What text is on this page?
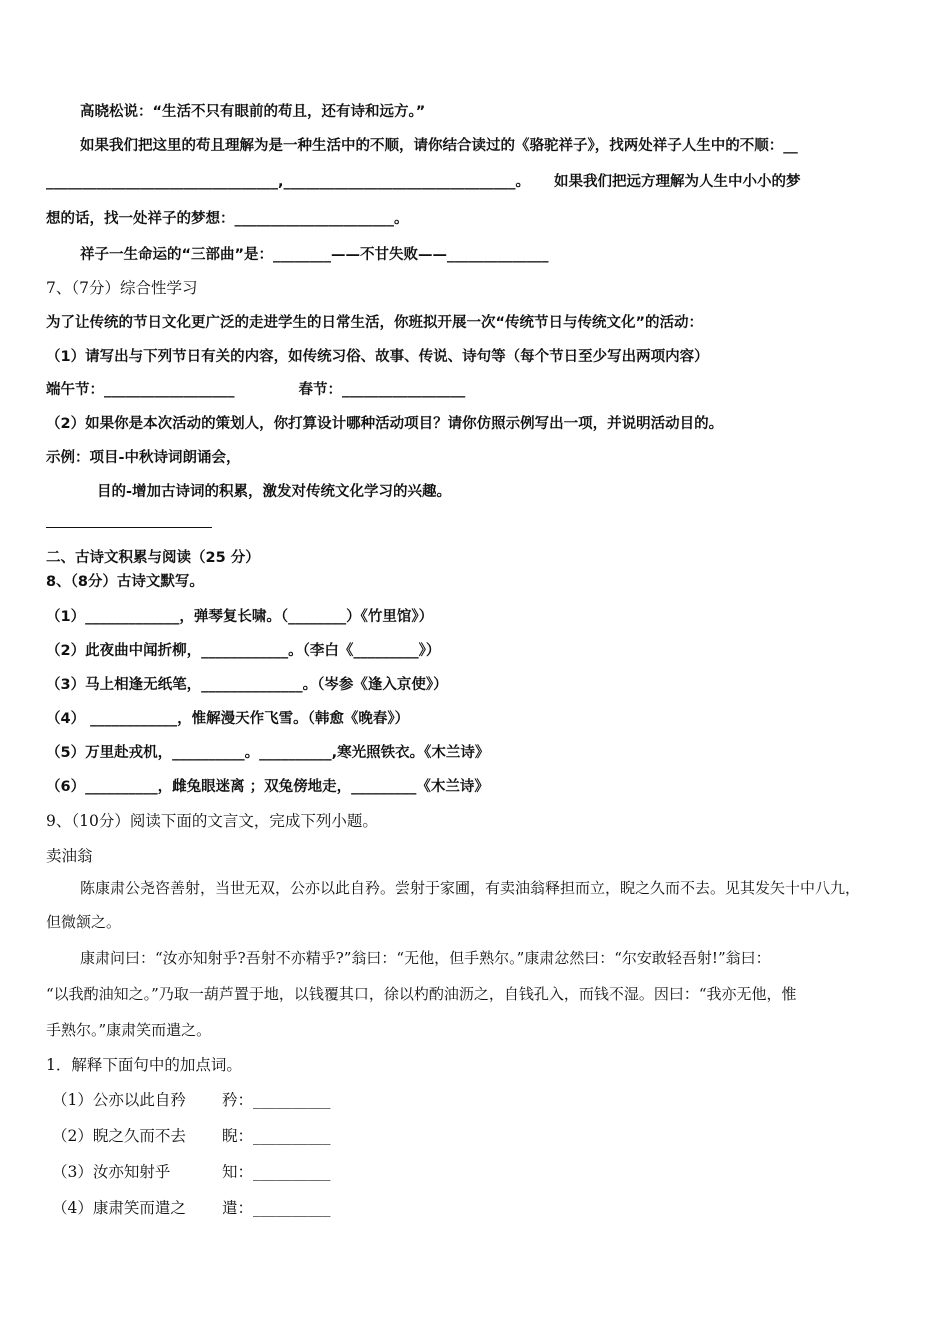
高晓松说：“生活不只有眼前的苟且，还有诗和远方。”
如果我们把这里的苟且理解为是一种生活中的不顺，请你结合读过的《骆驼祥子》，找两处祥子人生中的不顺：__
________________________________,________________________________。 如果我们把远方理解为人生中小小的梦
想的话，找一处祥子的梦想：______________________。
祥子一生命运的“三部曲”是：________——不甘失败——______________
7、（7分）综合性学习
为了让传统的节日文化更广泛的走进学生的日常生活，你班拟开展一次“传统节日与传统文化”的活动：
（1）请写出与下列节日有关的内容，如传统习俗、故事、传说、诗句等（每个节日至少写出两项内容）
端午节：__________________	春节：_________________
（2）如果你是本次活动的策划人，你打算设计哪种活动项目？请你仿照示例写出一项，并说明活动目的。
示例：项目-中秋诗词朗诵会，
目的-增加古诗词的积累，激发对传统文化学习的兴趣。
二、古诗文积累与阅读（25 分）
8、（8分）古诗文默写。
（1）_____________，弹琴复长啸。（________）《竹里馆》）
（2）此夜曲中闻折柳，____________。（李白《_________》）
（3）马上相逢无纸笔，______________。（岑参《逢入京使》）
（4） ____________，惟解漫天作飞雪。（韩愈《晚春》）
（5）万里赴戎机，__________。__________,寒光照铁衣。《木兰诗》
（6）__________，雌兔眼迷离 ；双兔傍地走，_________《木兰诗》
9、（10分）阅读下面的文言文，完成下列小题。
卖油翁
陈康肃公尧咨善射，当世无双，公亦以此自矜。尝射于家圃，有卖油翁释担而立，睨之久而不去。见其发矢十中八九，
但微颔之。
康肃问曰：“汝亦知射乎?吾射不亦精乎?”翁曰：“无他，但手熟尔。”康肃忿然曰：“尔安敢轻吾射!”翁曰：
“以我酌油知之。”乃取一葫芦置于地，以钱覆其口，徐以杓酌油沥之，自钱孔入，而钱不湿。因曰：“我亦无他，惟
手熟尔。”康肃笑而遣之。
1．解释下面句中的加点词。
（1）公亦以此自矜 矜：__________
（2）睨之久而不去 睨：__________
（3）汝亦知射乎	知：__________
（4）康肃笑而遣之 遣：__________
